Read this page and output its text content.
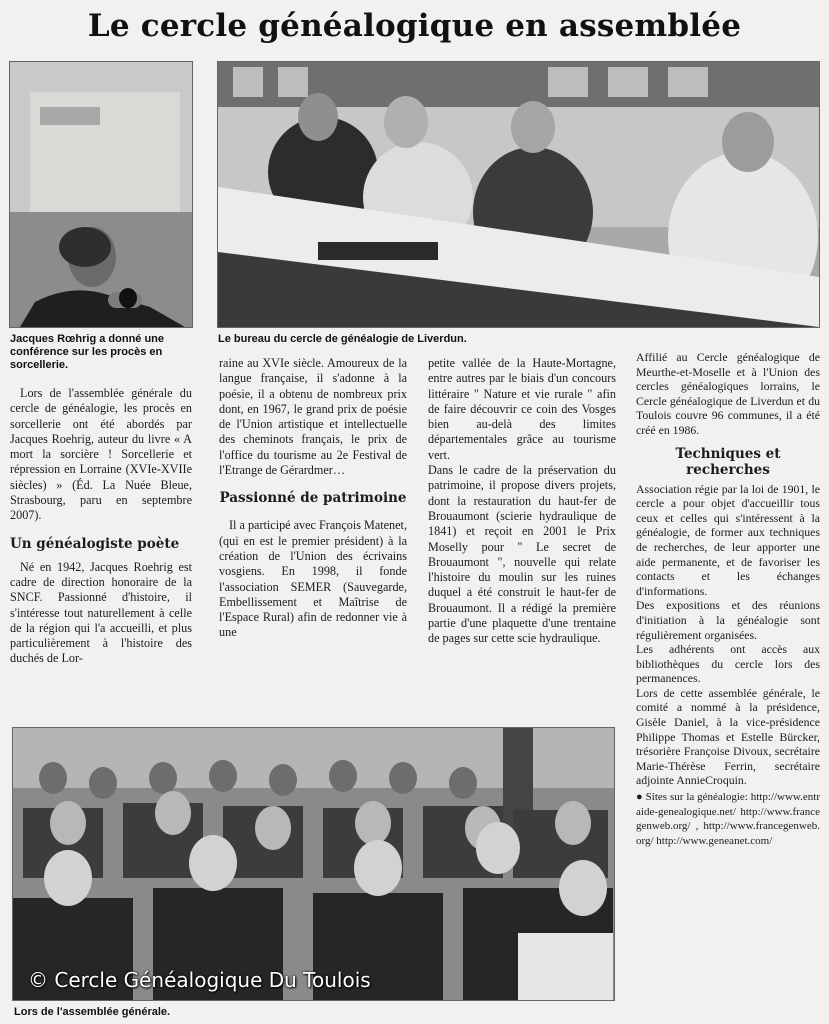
Le cercle généalogique en assemblée
Jacques Rœhrig a donné une conférence sur les procès en sorcellerie.
Le bureau du cercle de généalogie de Liverdun.

Lors de l'assemblée générale du cercle de généalogie, les procès en sorcellerie ont été abordés par Jacques Roehrig, auteur du livre « A mort la sorcière ! Sorcellerie et répression en Lorraine (XVIe-XVIIe siècles) » (Éd. La Nuée Bleue, Strasbourg, paru en septembre 2007).

Un généalogiste poète

Né en 1942, Jacques Roehrig est cadre de direction honoraire de la SNCF. Passionné d'histoire, il s'intéresse tout naturellement à celle de la région qui l'a accueilli, et plus particulièrement à l'histoire des duchés de Lor-

raine au XVIe siècle. Amoureux de la langue française, il s'adonne à la poésie, il a obtenu de nombreux prix dont, en 1967, le grand prix de poésie de l'Union artistique et intellectuelle des cheminots français, le prix de l'office du tourisme au 2e Festival de l'Etrange de Gérardmer…

Passionné de patrimoine

Il a participé avec François Matenet, (qui en est le premier président) à la création de l'Union des écrivains vosgiens. En 1998, il fonde l'association SEMER (Sauvegarde, Embellissement et Maîtrise de l'Espace Rural) afin de redonner vie à une

petite vallée de la Haute-Mortagne, entre autres par le biais d'un concours littéraire " Nature et vie rurale " afin de faire découvrir ce coin des Vosges bien au-delà des limites départementales grâce au tourisme vert.

Dans le cadre de la préservation du patrimoine, il propose divers projets, dont la restauration du haut-fer de Brouaumont (scierie hydraulique de 1841) et reçoit en 2001 le Prix Moselly pour " Le secret de Brouaumont ", nouvelle qui relate l'histoire du moulin sur les ruines duquel a été construit le haut-fer de Brouaumont. Il a rédigé la première partie d'une plaquette d'une trentaine de pages sur cette scie hydraulique.

Affilié au Cercle généalogique de Meurthe-et-Moselle et à l'Union des cercles généalogiques lorrains, le Cercle généalogique de Liverdun et du Toulois couvre 96 communes, il a été créé en 1986.

Techniques et recherches

Association régie par la loi de 1901, le cercle a pour objet d'accueillir tous ceux et celles qui s'intéressent à la généalogie, de former aux techniques de recherches, de leur apporter une aide permanente, et de favoriser les contacts et les échanges d'informations.

Des expositions et des réunions d'initiation à la généalogie sont régulièrement organisées.

Les adhérents ont accès aux bibliothèques du cercle lors des permanences.

Lors de cette assemblée générale, le comité a nommé à la présidence, Gisèle Daniel, à la vice-présidence Philippe Thomas et Estelle Bürcker, trésorière Françoise Divoux, secrétaire Marie-Thérèse Ferrin, secrétaire adjointe AnnieCroquin.

● Sites sur la généalogie: http://www.entraide-genealogique.net/ http://www.francegenweb.org/ , http://www.francegenweb.org/ http://www.geneanet.com/

Lors de l'assemblée générale.
© Cercle Généalogique Du Toulois
